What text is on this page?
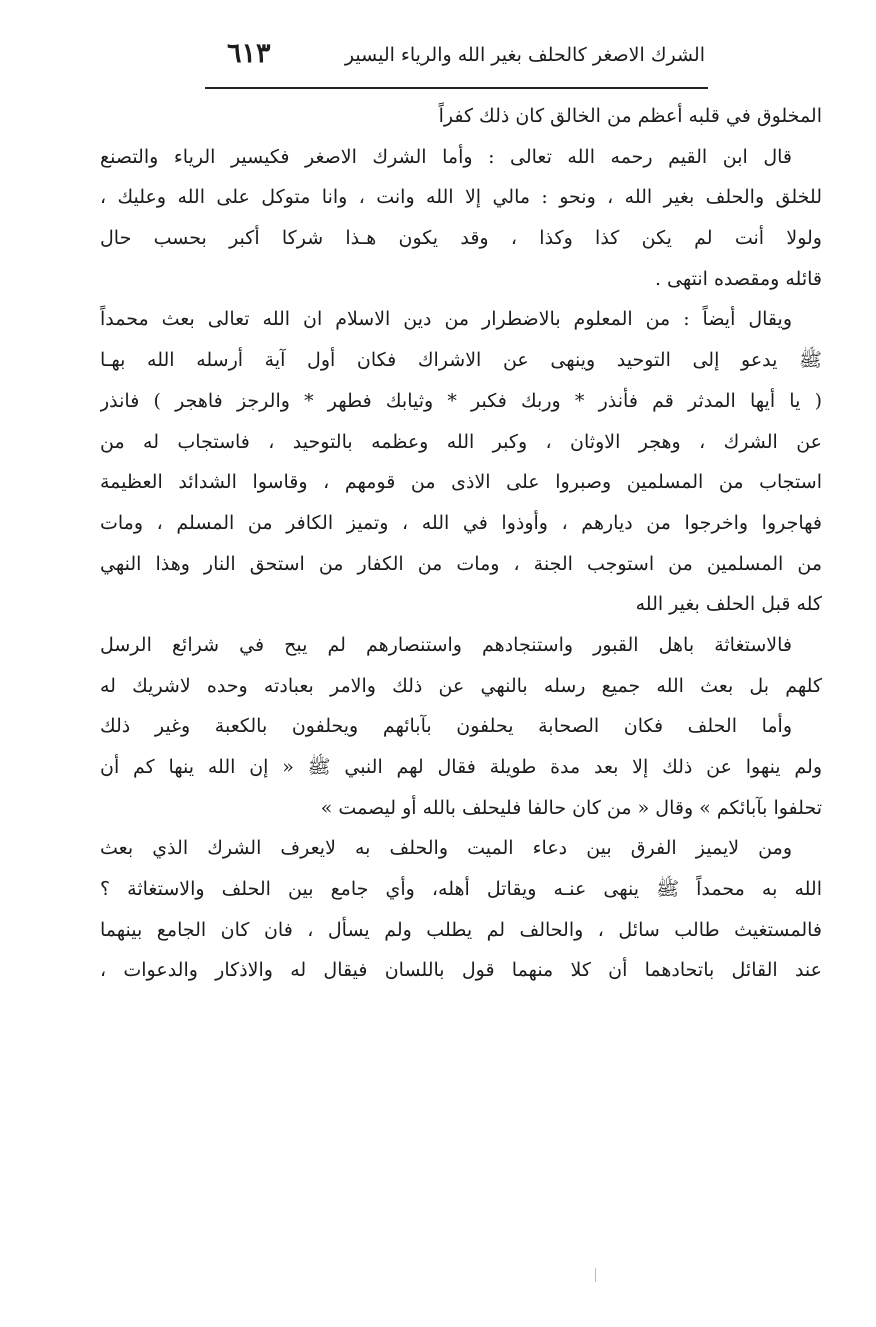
الشرك الاصغر كالحلف بغير الله والرياء اليسير
٦١٣
المخلوق في قلبه أعظم من الخالق كان ذلك كفراً
قال ابن القيم رحمه الله تعالى : وأما الشرك الاصغر فكيسير الرياء والتصنع
للخلق والحلف بغير الله ، ونحو : مالي إلا الله وانت ، وانا متوكل على الله وعليك ،
ولولا أنت لم يكن كذا وكذا ، وقد يكون هـذا شركا أكبر بحسب حال
قائله ومقصده انتهى .
ويقال أيضاً : من المعلوم بالاضطرار من دين الاسلام ان الله تعالى بعث محمداً
ﷺ يدعو إلى التوحيد وينهى عن الاشراك فكان أول آية أرسله الله بهـا
( يا أيها المدثر قم فأنذر * وربك فكبر * وثيابك فطهر * والرجز فاهجر ) فانذر
عن الشرك ، وهجر الاوثان ، وكبر الله وعظمه بالتوحيد ، فاستجاب له من
استجاب من المسلمين وصبروا على الاذى من قومهم ، وقاسوا الشدائد العظيمة
فهاجروا واخرجوا من ديارهم ، وأوذوا في الله ، وتميز الكافر من المسلم ، ومات
من المسلمين من استوجب الجنة ، ومات من الكفار من استحق النار وهذا النهي
كله قبل الحلف بغير الله
فالاستغاثة باهل القبور واستنجادهم واستنصارهم لم يبح في شرائع الرسل
كلهم بل بعث الله جميع رسله بالنهي عن ذلك والامر بعبادته وحده لاشريك له
وأما الحلف فكان الصحابة يحلفون بآبائهم ويحلفون بالكعبة وغير ذلك
ولم ينهوا عن ذلك إلا بعد مدة طويلة فقال لهم النبي ﷺ « إن الله ينها كم أن
تحلفوا بآبائكم » وقال « من كان حالفا فليحلف بالله أو ليصمت »
ومن لايميز الفرق بين دعاء الميت والحلف به لايعرف الشرك الذي بعث
الله به محمداً ﷺ ينهى عنـه ويقاتل أهله، وأي جامع بين الحلف والاستغاثة ؟
فالمستغيث طالب سائل ، والحالف لم يطلب ولم يسأل ، فان كان الجامع بينهما
عند القائل باتحادهما أن كلا منهما قول باللسان فيقال له والاذكار والدعوات ،
